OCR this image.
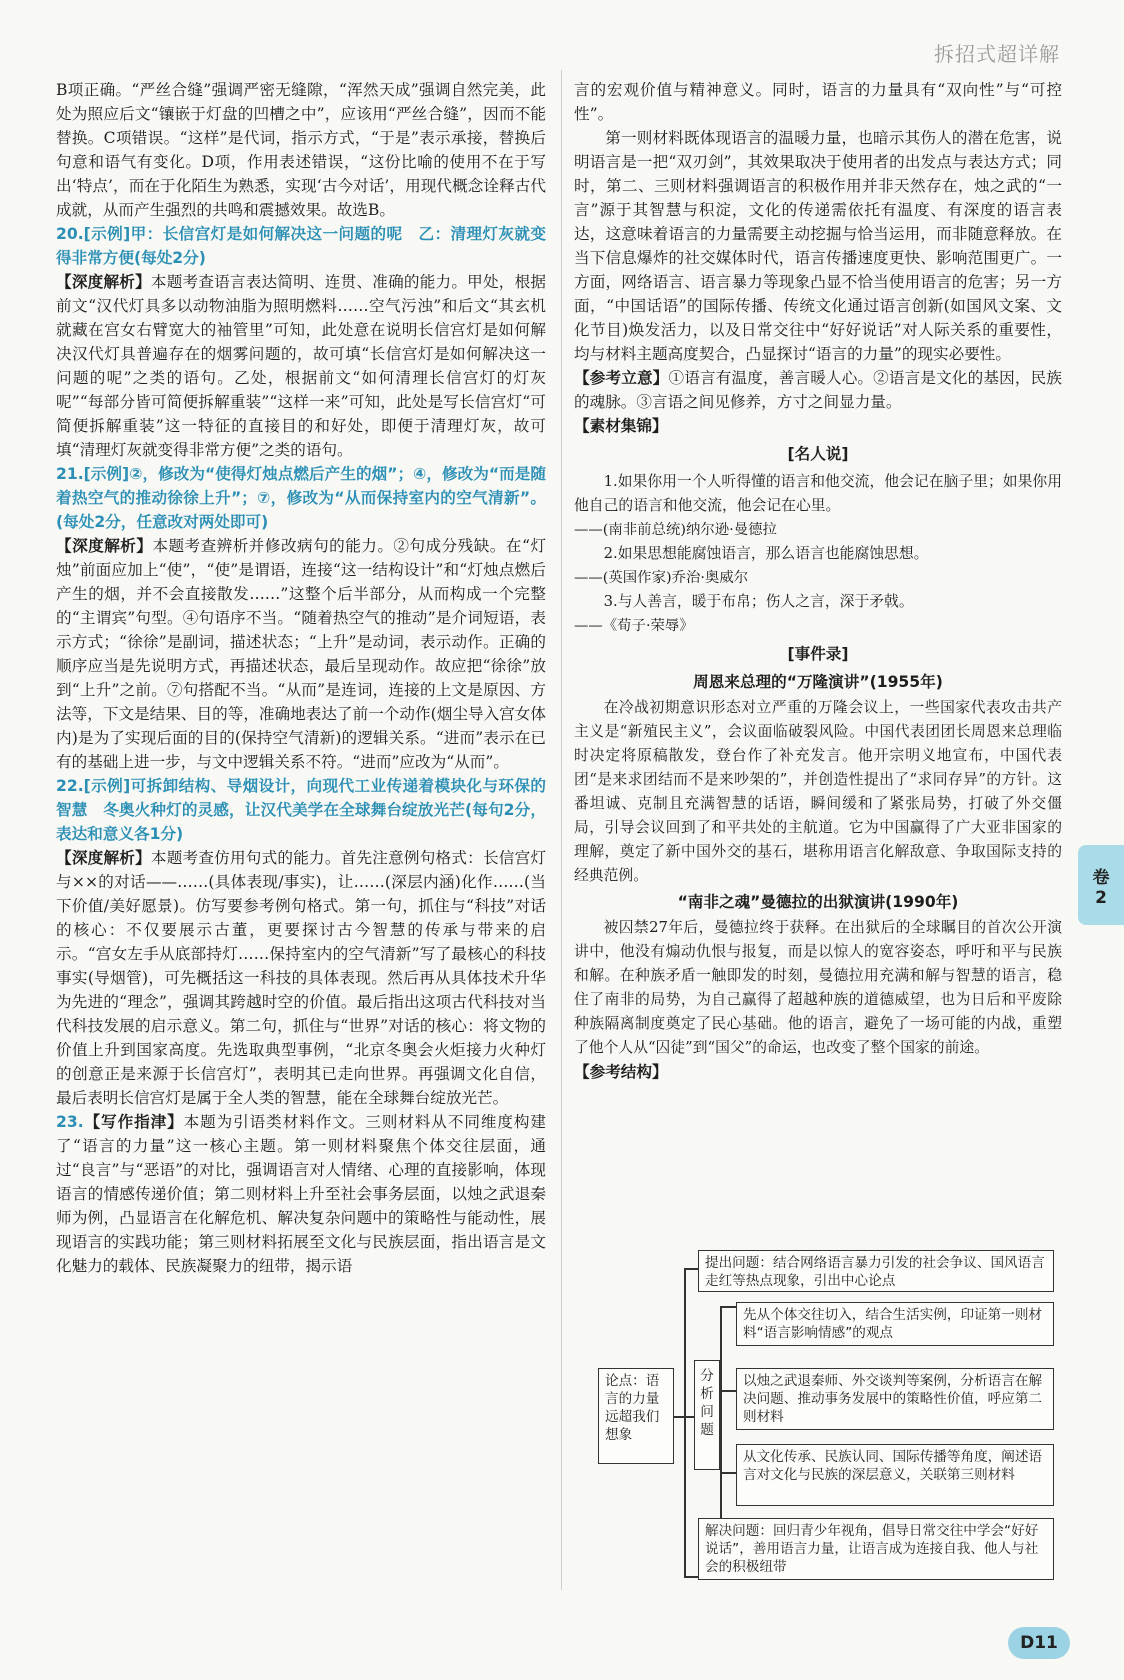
拆招式超详解

B项正确。“严丝合缝”强调严密无缝隙，“浑然天成”强调自然完美，此处为照应后文“镶嵌于灯盘的凹槽之中”，应该用“严丝合缝”，因而不能替换。C项错误。“这样”是代词，指示方式，“于是”表示承接，替换后句意和语气有变化。D项，作用表述错误，“这份比喻的使用不在于写出‘特点’，而在于化陌生为熟悉，实现‘古今对话’，用现代概念诠释古代成就，从而产生强烈的共鸣和震撼效果。故选B。

20.[示例]甲：长信宫灯是如何解决这一问题的呢　乙：清理灯灰就变得非常方便(每处2分)

【深度解析】本题考查语言表达简明、连贯、准确的能力。甲处，根据前文“汉代灯具多以动物油脂为照明燃料……空气污浊”和后文“其玄机就藏在宫女右臂宽大的袖管里”可知，此处意在说明长信宫灯是如何解决汉代灯具普遍存在的烟雾问题的，故可填“长信宫灯是如何解决这一问题的呢”之类的语句。乙处，根据前文“如何清理长信宫灯的灯灰呢”“每部分皆可简便拆解重装”“这样一来”可知，此处是写长信宫灯“可简便拆解重装”这一特征的直接目的和好处，即便于清理灯灰，故可填“清理灯灰就变得非常方便”之类的语句。

21.[示例]②，修改为“使得灯烛点燃后产生的烟”；④，修改为“而是随着热空气的推动徐徐上升”；⑦，修改为“从而保持室内的空气清新”。(每处2分，任意改对两处即可)

【深度解析】本题考查辨析并修改病句的能力。②句成分残缺。在“灯烛”前面应加上“使”，“使”是谓语，连接“这一结构设计”和“灯烛点燃后产生的烟，并不会直接散发……”这整个后半部分，从而构成一个完整的“主谓宾”句型。④句语序不当。“随着热空气的推动”是介词短语，表示方式；“徐徐”是副词，描述状态；“上升”是动词，表示动作。正确的顺序应当是先说明方式，再描述状态，最后呈现动作。故应把“徐徐”放到“上升”之前。⑦句搭配不当。“从而”是连词，连接的上文是原因、方法等，下文是结果、目的等，准确地表达了前一个动作(烟尘导入宫女体内)是为了实现后面的目的(保持空气清新)的逻辑关系。“进而”表示在已有的基础上进一步，与文中逻辑关系不符。“进而”应改为“从而”。

22.[示例]可拆卸结构、导烟设计，向现代工业传递着模块化与环保的智慧　冬奥火种灯的灵感，让汉代美学在全球舞台绽放光芒(每句2分，表达和意义各1分)

【深度解析】本题考查仿用句式的能力。首先注意例句格式：长信宫灯与××的对话——……(具体表现/事实)，让……(深层内涵)化作……(当下价值/美好愿景)。仿写要参考例句格式。第一句，抓住与“科技”对话的核心：不仅要展示古董，更要探讨古今智慧的传承与带来的启示。“宫女左手从底部持灯……保持室内的空气清新”写了最核心的科技事实(导烟管)，可先概括这一科技的具体表现。然后再从具体技术升华为先进的“理念”，强调其跨越时空的价值。最后指出这项古代科技对当代科技发展的启示意义。第二句，抓住与“世界”对话的核心：将文物的价值上升到国家高度。先选取典型事例，“北京冬奥会火炬接力火种灯的创意正是来源于长信宫灯”，表明其已走向世界。再强调文化自信，最后表明长信宫灯是属于全人类的智慧，能在全球舞台绽放光芒。

23.【写作指津】本题为引语类材料作文。三则材料从不同维度构建了“语言的力量”这一核心主题。第一则材料聚焦个体交往层面，通过“良言”与“恶语”的对比，强调语言对人情绪、心理的直接影响，体现语言的情感传递价值；第二则材料上升至社会事务层面，以烛之武退秦师为例，凸显语言在化解危机、解决复杂问题中的策略性与能动性，展现语言的实践功能；第三则材料拓展至文化与民族层面，指出语言是文化魅力的载体、民族凝聚力的纽带，揭示语

言的宏观价值与精神意义。同时，语言的力量具有“双向性”与“可控性”。

第一则材料既体现语言的温暖力量，也暗示其伤人的潜在危害，说明语言是一把“双刃剑”，其效果取决于使用者的出发点与表达方式；同时，第二、三则材料强调语言的积极作用并非天然存在，烛之武的“一言”源于其智慧与积淀，文化的传递需依托有温度、有深度的语言表达，这意味着语言的力量需要主动挖掘与恰当运用，而非随意释放。在当下信息爆炸的社交媒体时代，语言传播速度更快、影响范围更广。一方面，网络语言、语言暴力等现象凸显不恰当使用语言的危害；另一方面，“中国话语”的国际传播、传统文化通过语言创新(如国风文案、文化节目)焕发活力，以及日常交往中“好好说话”对人际关系的重要性，均与材料主题高度契合，凸显探讨“语言的力量”的现实必要性。

【参考立意】①语言有温度，善言暖人心。②语言是文化的基因，民族的魂脉。③言语之间见修养，方寸之间显力量。

【素材集锦】

[名人说]

1.如果你用一个人听得懂的语言和他交流，他会记在脑子里；如果你用他自己的语言和他交流，他会记在心里。

——(南非前总统)纳尔逊·曼德拉

2.如果思想能腐蚀语言，那么语言也能腐蚀思想。

——(英国作家)乔治·奥威尔

3.与人善言，暖于布帛；伤人之言，深于矛戟。

——《荀子·荣辱》

[事件录]
周恩来总理的“万隆演讲”(1955年)

在冷战初期意识形态对立严重的万隆会议上，一些国家代表攻击共产主义是“新殖民主义”，会议面临破裂风险。中国代表团团长周恩来总理临时决定将原稿散发，登台作了补充发言。他开宗明义地宣布，中国代表团“是来求团结而不是来吵架的”，并创造性提出了“求同存异”的方针。这番坦诚、克制且充满智慧的话语，瞬间缓和了紧张局势，打破了外交僵局，引导会议回到了和平共处的主航道。它为中国赢得了广大亚非国家的理解，奠定了新中国外交的基石，堪称用语言化解敌意、争取国际支持的经典范例。

“南非之魂”曼德拉的出狱演讲(1990年)

被囚禁27年后，曼德拉终于获释。在出狱后的全球瞩目的首次公开演讲中，他没有煽动仇恨与报复，而是以惊人的宽容姿态，呼吁和平与民族和解。在种族矛盾一触即发的时刻，曼德拉用充满和解与智慧的语言，稳住了南非的局势，为自己赢得了超越种族的道德威望，也为日后和平废除种族隔离制度奠定了民心基础。他的语言，避免了一场可能的内战，重塑了他个人从“囚徒”到“国父”的命运，也改变了整个国家的前途。

【参考结构】

论点：语言的力量远超我们想象
分析问题
提出问题：结合网络语言暴力引发的社会争议、国风语言走红等热点现象，引出中心论点
先从个体交往切入，结合生活实例，印证第一则材料“语言影响情感”的观点
以烛之武退秦师、外交谈判等案例，分析语言在解决问题、推动事务发展中的策略性价值，呼应第二则材料
从文化传承、民族认同、国际传播等角度，阐述语言对文化与民族的深层意义，关联第三则材料
解决问题：回归青少年视角，倡导日常交往中学会“好好说话”，善用语言力量，让语言成为连接自我、他人与社会的积极纽带
卷
2
D11
